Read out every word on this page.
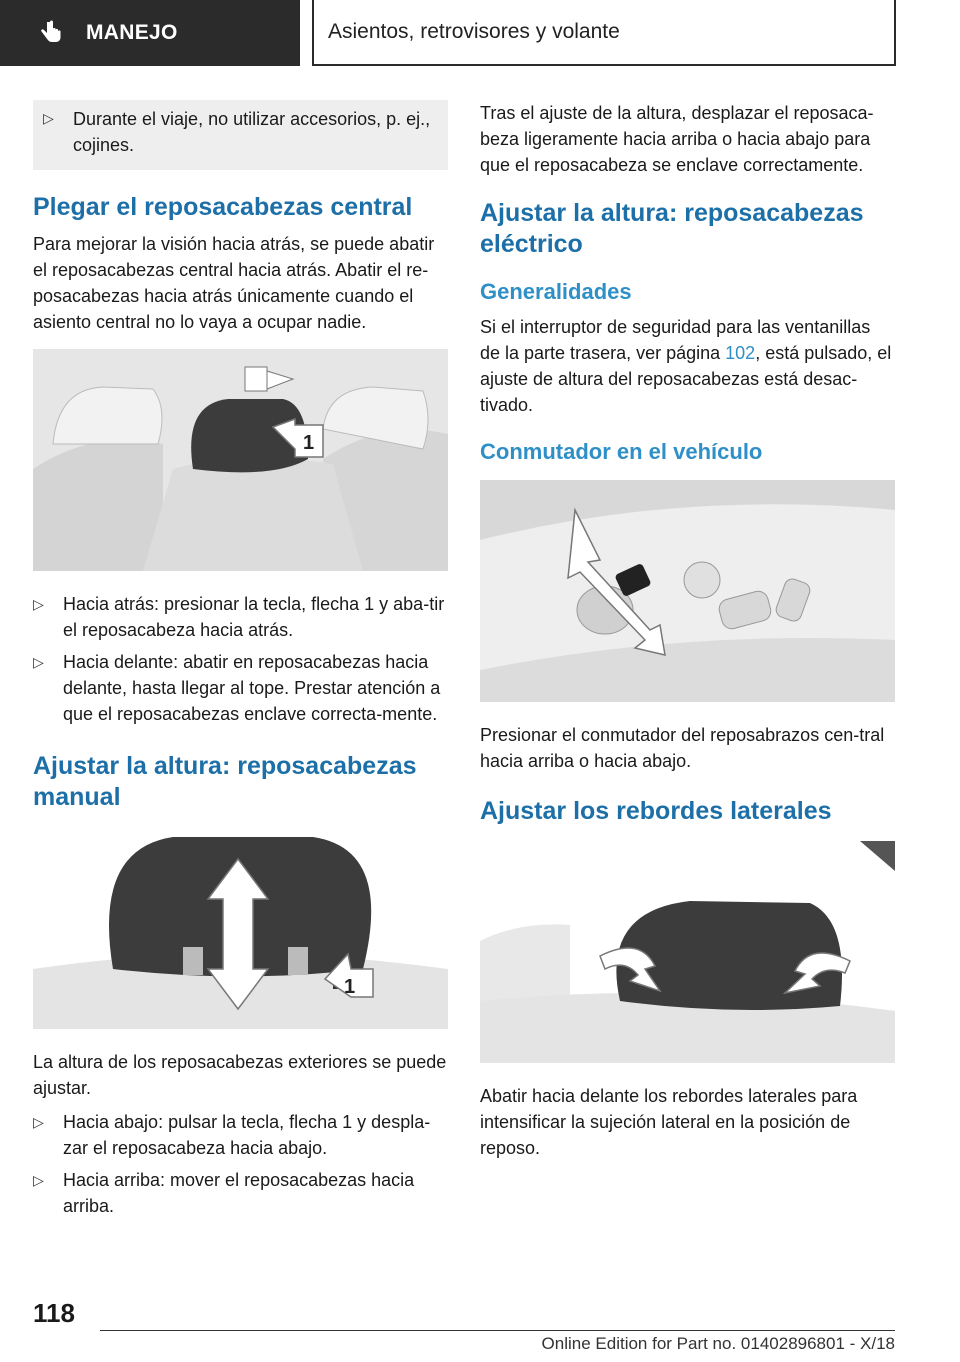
MANEJO	Asientos, retrovisores y volante
▷	Durante el viaje, no utilizar accesorios, p. ej., cojines.

Plegar el reposacabezas central

Para mejorar la visión hacia atrás, se puede abatir el reposacabezas central hacia atrás. Abatir el re-posacabezas hacia atrás únicamente cuando el asiento central no lo vaya a ocupar nadie.

1
▷	Hacia atrás: presionar la tecla, flecha 1 y aba-tir el reposacabeza hacia atrás.

▷	Hacia delante: abatir en reposacabezas hacia delante, hasta llegar al tope. Prestar atención a que el reposacabezas enclave correcta-mente.

Ajustar la altura: reposacabezas manual
1

La altura de los reposacabezas exteriores se puede ajustar.

▷	Hacia abajo: pulsar la tecla, flecha 1 y despla-zar el reposacabeza hacia abajo.

▷	Hacia arriba: mover el reposacabezas hacia arriba.

Tras el ajuste de la altura, desplazar el reposaca-beza ligeramente hacia arriba o hacia abajo para que el reposacabeza se enclave correctamente.

Ajustar la altura: reposacabezas eléctrico
Generalidades

Si el interruptor de seguridad para las ventanillas de la parte trasera, ver página 102, está pulsado, el ajuste de altura del reposacabezas está desac-tivado.

Conmutador en el vehículo

Presionar el conmutador del reposabrazos cen-tral hacia arriba o hacia abajo.

Ajustar los rebordes laterales

Abatir hacia delante los rebordes laterales para intensificar la sujeción lateral en la posición de reposo.

118
Online Edition for Part no. 01402896801 - X/18
